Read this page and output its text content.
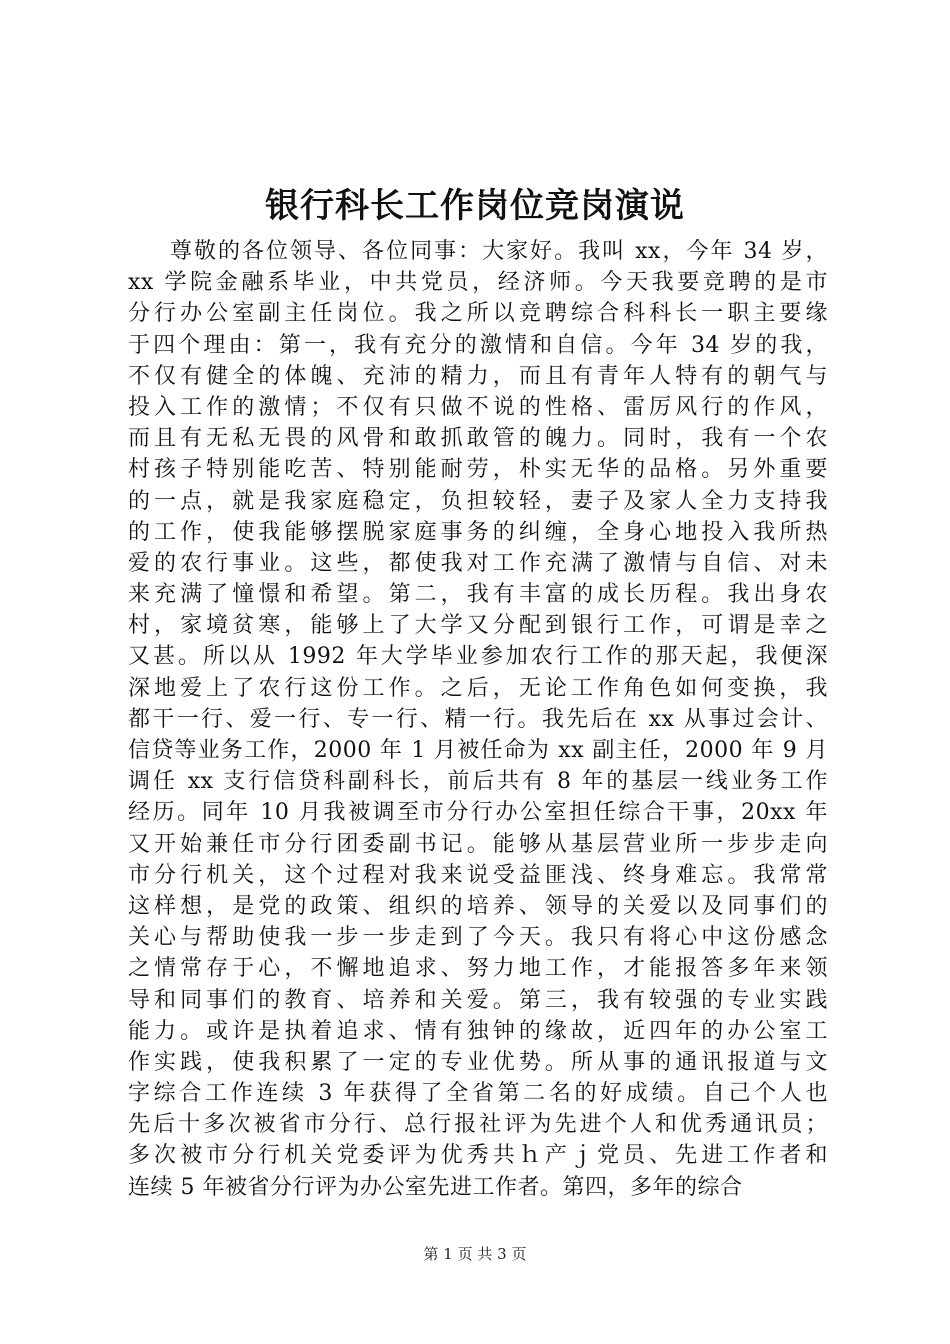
银行科长工作岗位竞岗演说
尊敬的各位领导、各位同事：大家好。我叫 xx，今年 34 岁，
xx 学院金融系毕业，中共党员，经济师。今天我要竞聘的是市
分行办公室副主任岗位。我之所以竞聘综合科科长一职主要缘
于四个理由：第一，我有充分的激情和自信。今年 34 岁的我，
不仅有健全的体魄、充沛的精力，而且有青年人特有的朝气与
投入工作的激情；不仅有只做不说的性格、雷厉风行的作风，
而且有无私无畏的风骨和敢抓敢管的魄力。同时，我有一个农
村孩子特别能吃苦、特别能耐劳，朴实无华的品格。另外重要
的一点，就是我家庭稳定，负担较轻，妻子及家人全力支持我
的工作，使我能够摆脱家庭事务的纠缠，全身心地投入我所热
爱的农行事业。这些，都使我对工作充满了激情与自信、对未
来充满了憧憬和希望。第二，我有丰富的成长历程。我出身农
村，家境贫寒，能够上了大学又分配到银行工作，可谓是幸之
又甚。所以从 1992 年大学毕业参加农行工作的那天起，我便深
深地爱上了农行这份工作。之后，无论工作角色如何变换，我
都干一行、爱一行、专一行、精一行。我先后在 xx 从事过会计、
信贷等业务工作，2000 年 1 月被任命为 xx 副主任，2000 年 9 月
调任 xx 支行信贷科副科长，前后共有 8 年的基层一线业务工作
经历。同年 10 月我被调至市分行办公室担任综合干事，20xx 年
又开始兼任市分行团委副书记。能够从基层营业所一步步走向
市分行机关，这个过程对我来说受益匪浅、终身难忘。我常常
这样想，是党的政策、组织的培养、领导的关爱以及同事们的
关心与帮助使我一步一步走到了今天。我只有将心中这份感念
之情常存于心，不懈地追求、努力地工作，才能报答多年来领
导和同事们的教育、培养和关爱。第三，我有较强的专业实践
能力。或许是执着追求、情有独钟的缘故，近四年的办公室工
作实践，使我积累了一定的专业优势。所从事的通讯报道与文
字综合工作连续 3 年获得了全省第二名的好成绩。自己个人也
先后十多次被省市分行、总行报社评为先进个人和优秀通讯员；
多次被市分行机关党委评为优秀共ｈ产ｊ党员、先进工作者和
连续 5 年被省分行评为办公室先进工作者。第四，多年的综合
第 1 页 共 3 页
